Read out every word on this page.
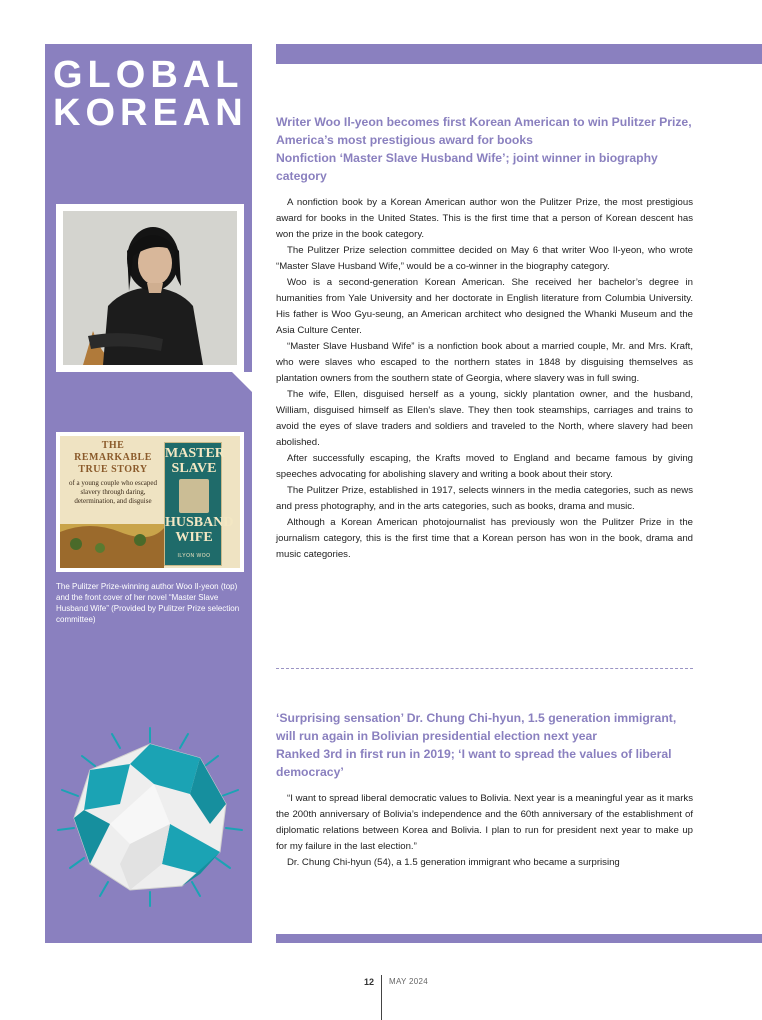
GLOBAL
KOREAN
THE REMARKABLE
TRUE STORY
of a young couple who escaped slavery through daring, determination, and disguise
MASTER SLAVE
HUSBAND WIFE
ILYON WOO
The Pulitzer Prize-winning author Woo Il-yeon (top) and the front cover of her novel “Master Slave Husband Wife” (Provided by Pulitzer Prize selection committee)
Writer Woo Il-yeon becomes first Korean American to win Pulitzer Prize, America’s most prestigious award for books
Nonfiction ‘Master Slave Husband Wife’; joint winner in biography category

A nonfiction book by a Korean American author won the Pulitzer Prize, the most prestigious award for books in the United States. This is the first time that a person of Korean descent has won the prize in the book category.

The Pulitzer Prize selection committee decided on May 6 that writer Woo Il-yeon, who wrote “Master Slave Husband Wife,” would be a co-winner in the biography category.

Woo is a second-generation Korean American. She received her bachelor’s degree in humanities from Yale University and her doctorate in English literature from Columbia University. His father is Woo Gyu-seung, an American architect who designed the Whanki Museum and the Asia Culture Center.

“Master Slave Husband Wife” is a nonfiction book about a married couple, Mr. and Mrs. Kraft, who were slaves who escaped to the northern states in 1848 by disguising themselves as plantation owners from the southern state of Georgia, where slavery was in full swing.

The wife, Ellen, disguised herself as a young, sickly plantation owner, and the husband, William, disguised himself as Ellen’s slave. They then took steamships, carriages and trains to avoid the eyes of slave traders and soldiers and traveled to the North, where slavery had been abolished.

After successfully escaping, the Krafts moved to England and became famous by giving speeches advocating for abolishing slavery and writing a book about their story.

The Pulitzer Prize, established in 1917, selects winners in the media categories, such as news and press photography, and in the arts categories, such as books, drama and music.

Although a Korean American photojournalist has previously won the Pulitzer Prize in the journalism category, this is the first time that a Korean person has won in the book, drama and music categories.

‘Surprising sensation’ Dr. Chung Chi-hyun, 1.5 generation immigrant, will run again in Bolivian presidential election next year
Ranked 3rd in first run in 2019; ‘I want to spread the values of liberal democracy’

“I want to spread liberal democratic values to Bolivia. Next year is a meaningful year as it marks the 200th anniversary of Bolivia’s independence and the 60th anniversary of the establishment of diplomatic relations between Korea and Bolivia. I plan to run for president next year to make up for my failure in the last election.”

Dr. Chung Chi-hyun (54), a 1.5 generation immigrant who became a surprising

12 MAY 2024
